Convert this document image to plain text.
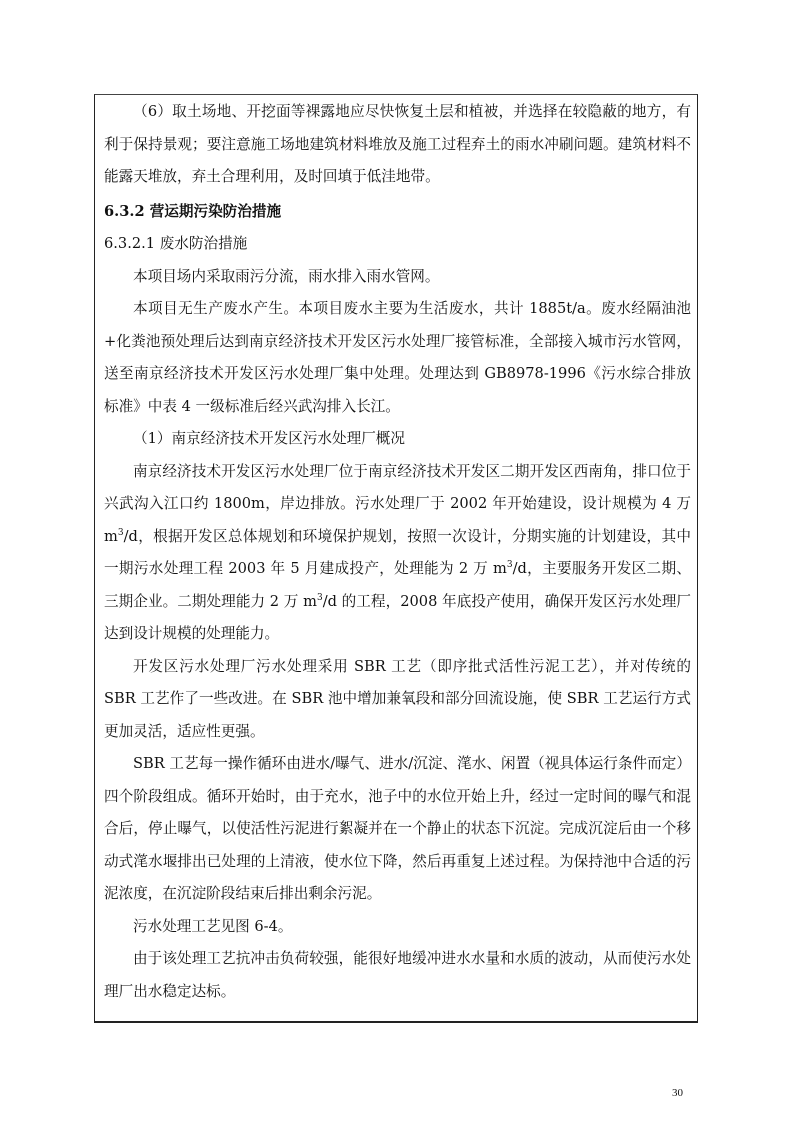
（6）取土场地、开挖面等裸露地应尽快恢复土层和植被，并选择在较隐蔽的地方，有利于保持景观；要注意施工场地建筑材料堆放及施工过程弃土的雨水冲刷问题。建筑材料不能露天堆放，弃土合理利用，及时回填于低洼地带。

6.3.2 营运期污染防治措施

6.3.2.1 废水防治措施

本项目场内采取雨污分流，雨水排入雨水管网。

本项目无生产废水产生。本项目废水主要为生活废水，共计 1885t/a。废水经隔油池+化粪池预处理后达到南京经济技术开发区污水处理厂接管标准，全部接入城市污水管网，送至南京经济技术开发区污水处理厂集中处理。处理达到 GB8978-1996《污水综合排放标准》中表 4 一级标准后经兴武沟排入长江。

（1）南京经济技术开发区污水处理厂概况

南京经济技术开发区污水处理厂位于南京经济技术开发区二期开发区西南角，排口位于兴武沟入江口约 1800m，岸边排放。污水处理厂于 2002 年开始建设，设计规模为 4 万 $m^3/d$，根据开发区总体规划和环境保护规划，按照一次设计，分期实施的计划建设，其中一期污水处理工程 2003 年 5 月建成投产，处理能为 2 万 $m^3/d$，主要服务开发区二期、三期企业。二期处理能力 2 万 $m^3/d$ 的工程，2008 年底投产使用，确保开发区污水处理厂达到设计规模的处理能力。

开发区污水处理厂污水处理采用 SBR 工艺（即序批式活性污泥工艺），并对传统的 SBR 工艺作了一些改进。在 SBR 池中增加兼氧段和部分回流设施，使 SBR 工艺运行方式更加灵活，适应性更强。

SBR 工艺每一操作循环由进水/曝气、进水/沉淀、滗水、闲置（视具体运行条件而定）四个阶段组成。循环开始时，由于充水，池子中的水位开始上升，经过一定时间的曝气和混合后，停止曝气，以使活性污泥进行絮凝并在一个静止的状态下沉淀。完成沉淀后由一个移动式滗水堰排出已处理的上清液，使水位下降，然后再重复上述过程。为保持池中合适的污泥浓度，在沉淀阶段结束后排出剩余污泥。

污水处理工艺见图 6-4。

由于该处理工艺抗冲击负荷较强，能很好地缓冲进水水量和水质的波动，从而使污水处理厂出水稳定达标。

30
